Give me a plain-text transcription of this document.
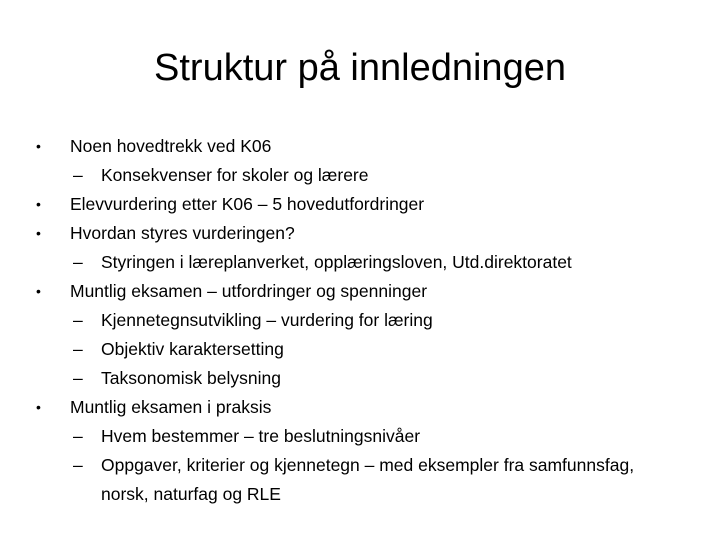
Struktur på innledningen
• Noen hovedtrekk ved K06
– Konsekvenser for skoler og lærere
• Elevvurdering etter K06 – 5 hovedutfordringer
• Hvordan styres vurderingen?
– Styringen i læreplanverket, opplæringsloven, Utd.direktoratet
• Muntlig eksamen – utfordringer og spenninger
– Kjennetegnsutvikling – vurdering for læring
– Objektiv karaktersetting
– Taksonomisk belysning
• Muntlig eksamen i praksis
– Hvem bestemmer – tre beslutningsnivåer
– Oppgaver, kriterier og kjennetegn – med eksempler fra samfunnsfag, norsk, naturfag og RLE
